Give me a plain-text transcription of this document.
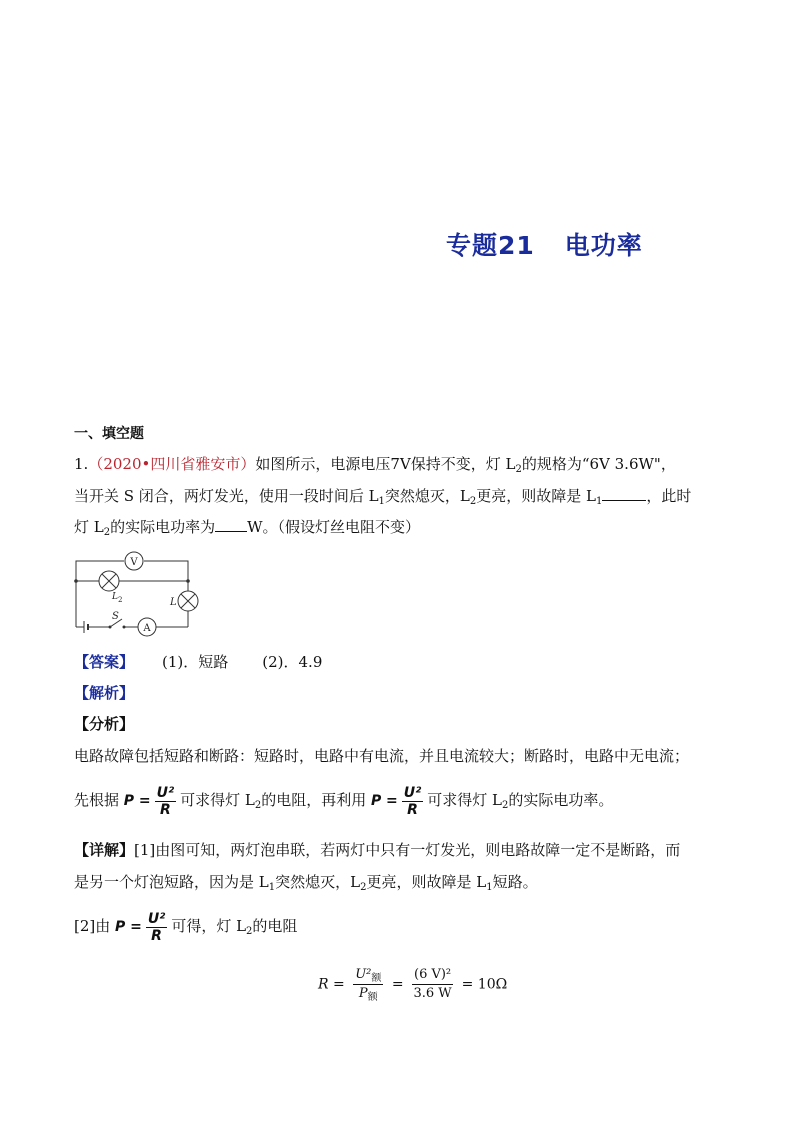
专题21 电功率
一、填空题
1.（2020•四川省雅安市）如图所示，电源电压7V保持不变，灯 $L_2$的规格为“6V 3.6W"，
当开关 S 闭合，两灯发光，使用一段时间后 $L_1$突然熄灭，$L_2$更亮，则故障是 $L_1$	，此时
灯 $L_2$的实际电功率为 W。（假设灯丝电阻不变）
V
A
S
L 2	L
【答案】 (1)．短路 (2)．4.9
【解析】
【分析】
电路故障包括短路和断路：短路时，电路中有电流，并且电流较大；断路时，电路中无电流；
先根据 $P = \frac{\text{U²}}{R}$ 可求得灯 $L_2$的电阻，再利用 $P = \frac{\text{U²}}{R}$ 可求得灯 $L_2$的实际电功率。
【详解】[1]由图可知，两灯泡串联，若两灯中只有一灯发光，则电路故障一定不是断路，而
是另一个灯泡短路，因为是 $L_1$突然熄灭，$L_2$更亮，则故障是 $L_1$短路。
[2]由 $P = \frac{\text{U²}}{R}$ 可得，灯 $L_2$的电阻
$R = \frac{U^2_额}{P_额} = \frac{\text{(6 V)²}}{3.6 W} = 10\Omega$
